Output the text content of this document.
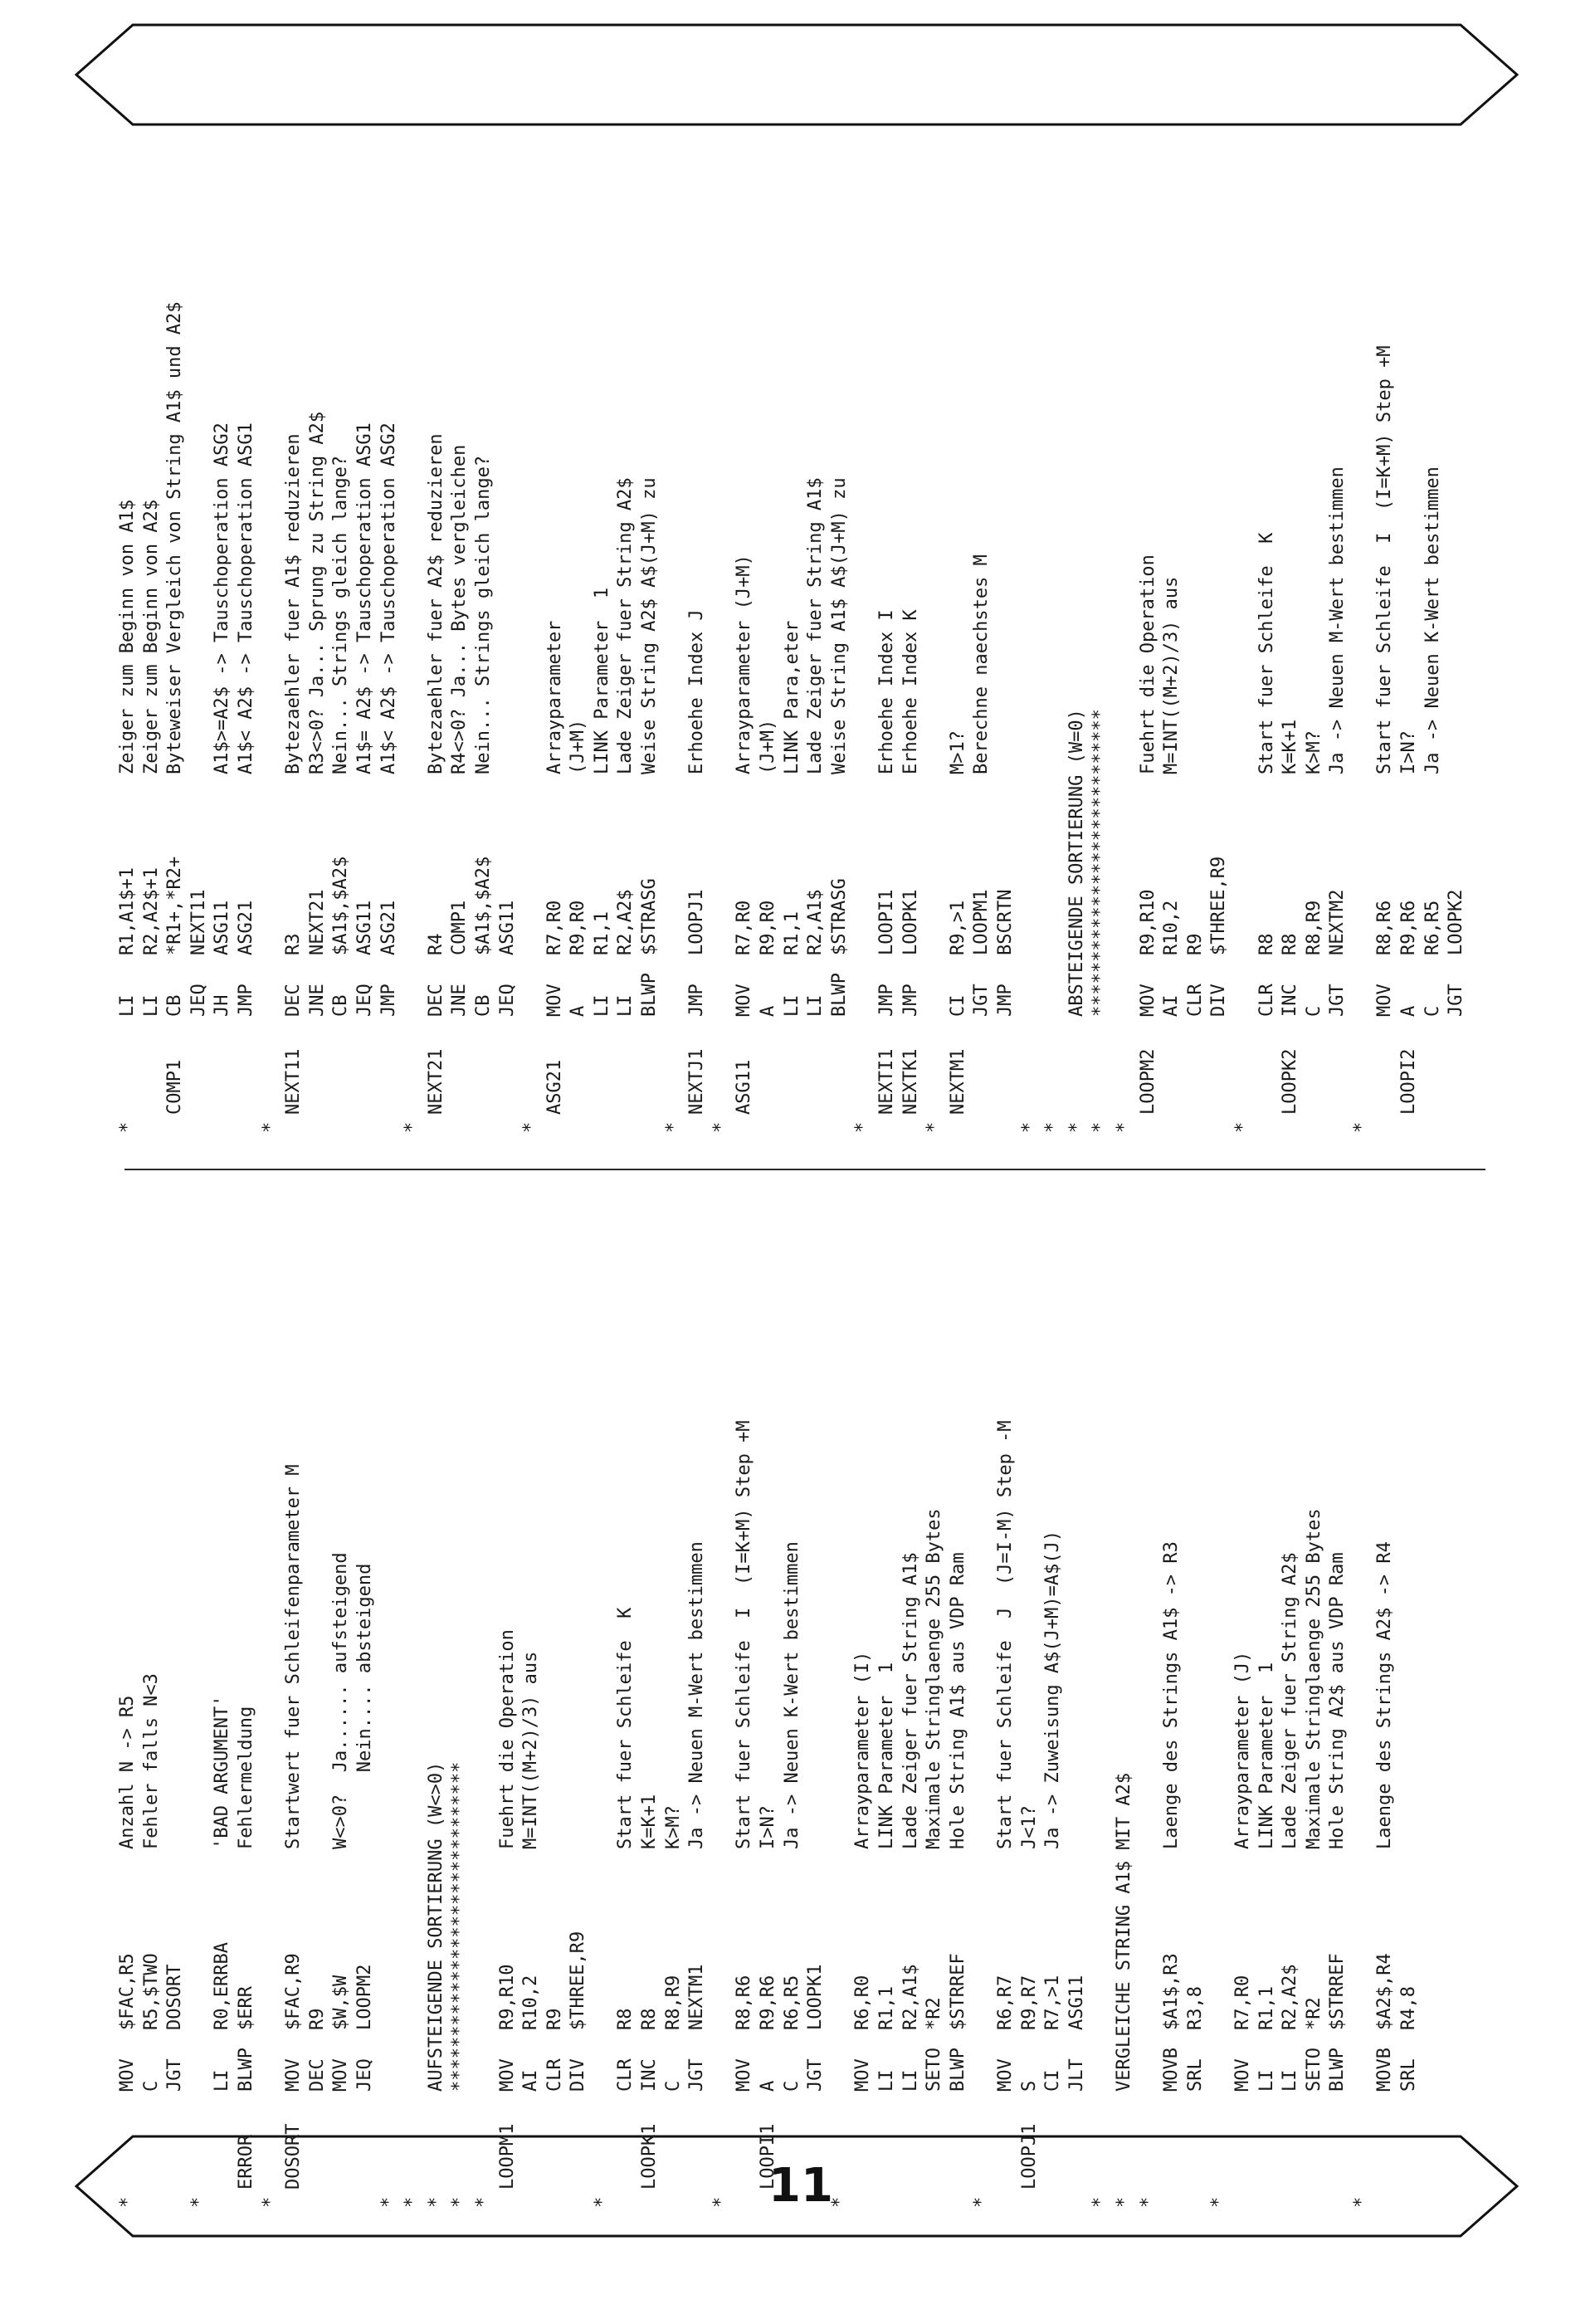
11
*
MOV
$FAC,R5
Anzahl N -> R5
C
R5,$TWO
Fehler falls N<3
JGT
DOSORT
*
LI
R0,ERRBA
'BAD ARGUMENT'
ERROR
BLWP
$ERR
Fehlermeldung
*
DOSORT
MOV
$FAC,R9
Startwert fuer Schleifenparameter M
DEC
R9
MOV
$W,$W
W<>0?  Ja...... aufsteigend
JEQ
LOOPM2
Nein.... absteigend
* * *
AUFSTEIGENDE SORTIERUNG (W<>0)
*
******************************
*
LOOPM1
MOV
R9,R10
Fuehrt die Operation
AI
R10,2
M=INT((M+2)/3) aus
CLR
R9
DIV
$THREE,R9
*
CLR
R8
Start fuer Schleife  K
LOOPK1
INC
R8
K=K+1
C
R8,R9
K>M?
JGT
NEXTM1
Ja -> Neuen M-Wert bestimmen
*
MOV
R8,R6
Start fuer Schleife  I  (I=K+M) Step +M
LOOPI1
A
R9,R6
I>N?
C
R6,R5
Ja -> Neuen K-Wert bestimmen
JGT
LOOPK1
*
MOV
R6,R0
Arrayparameter (I)
LI
R1,1
LINK Parameter  1
LI
R2,A1$
Lade Zeiger fuer String A1$
SETO
*R2
Maximale Stringlaenge 255 Bytes
BLWP
$STRREF
Hole String A1$ aus VDP Ram
*
MOV
R6,R7
Start fuer Schleife  J  (J=I-M) Step -M
LOOPJ1
S
R9,R7
J<1?
CI
R7,>1
Ja -> Zuweisung A$(J+M)=A$(J)
JLT
ASG11
* *
VERGLEICHE STRING A1$ MIT A2$
*
MOVB
$A1$,R3
Laenge des Strings A1$ -> R3
SRL
R3,8
*
MOV
R7,R0
Arrayparameter (J)
LI
R1,1
LINK Parameter  1
LI
R2,A2$
Lade Zeiger fuer String A2$
SETO
*R2
Maximale Stringlaenge 255 Bytes
BLWP
$STRREF
Hole String A2$ aus VDP Ram
*
MOVB
$A2$,R4
Laenge des Strings A2$ -> R4
SRL
R4,8
*
LI
R1,A1$+1
Zeiger zum Beginn von A1$
LI
R2,A2$+1
Zeiger zum Beginn von A2$
COMP1
CB
*R1+,*R2+
Byteweiser Vergleich von String A1$ und A2$
JEQ
NEXT11
JH
ASG11
A1$>=A2$ -> Tauschoperation ASG2
JMP
ASG21
A1$< A2$ -> Tauschoperation ASG1
*
NEXT11
DEC
R3
Bytezaehler fuer A1$ reduzieren
JNE
NEXT21
R3<>0? Ja... Sprung zu String A2$
CB
$A1$,$A2$
Nein... Strings gleich lange?
JEQ
ASG11
A1$= A2$ -> Tauschoperation ASG1
JMP
ASG21
A1$< A2$ -> Tauschoperation ASG2
*
NEXT21
DEC
R4
Bytezaehler fuer A2$ reduzieren
JNE
COMP1
R4<>0? Ja... Bytes vergleichen
CB
$A1$,$A2$
Nein... Strings gleich lange?
JEQ
ASG11
*
ASG21
MOV
R7,R0
Arrayparameter
A
R9,R0
(J+M)
LI
R1,1
LINK Parameter  1
LI
R2,A2$
Lade Zeiger fuer String A2$
BLWP
$STRASG
Weise String A2$ A$(J+M) zu
*
NEXTJ1
JMP
LOOPJ1
Erhoehe Index J
*
ASG11
MOV
R7,R0
Arrayparameter (J+M)
A
R9,R0
(J+M)
LI
R1,1
LINK Para,eter
LI
R2,A1$
Lade Zeiger fuer String A1$
BLWP
$STRASG
Weise String A1$ A$(J+M) zu
*
NEXTI1
JMP
LOOPI1
Erhoehe Index I
NEXTK1
JMP
LOOPK1
Erhoehe Index K
*
NEXTM1
CI
R9,>1
M>1?
JGT
LOOPM1
Berechne naechstes M
JMP
BSCRTN
* * *
ABSTEIGENDE SORTIERUNG (W=0)
*
****************************
*
LOOPM2
MOV
R9,R10
Fuehrt die Operation
AI
R10,2
M=INT((M+2)/3) aus
CLR
R9
DIV
$THREE,R9
*
CLR
R8
Start fuer Schleife  K
LOOPK2
INC
R8
K=K+1
C
R8,R9
K>M?
JGT
NEXTM2
Ja -> Neuen M-Wert bestimmen
*
MOV
R8,R6
Start fuer Schleife  I  (I=K+M) Step +M
LOOPI2
A
R9,R6
I>N?
C
R6,R5
Ja -> Neuen K-Wert bestimmen
JGT
LOOPK2
